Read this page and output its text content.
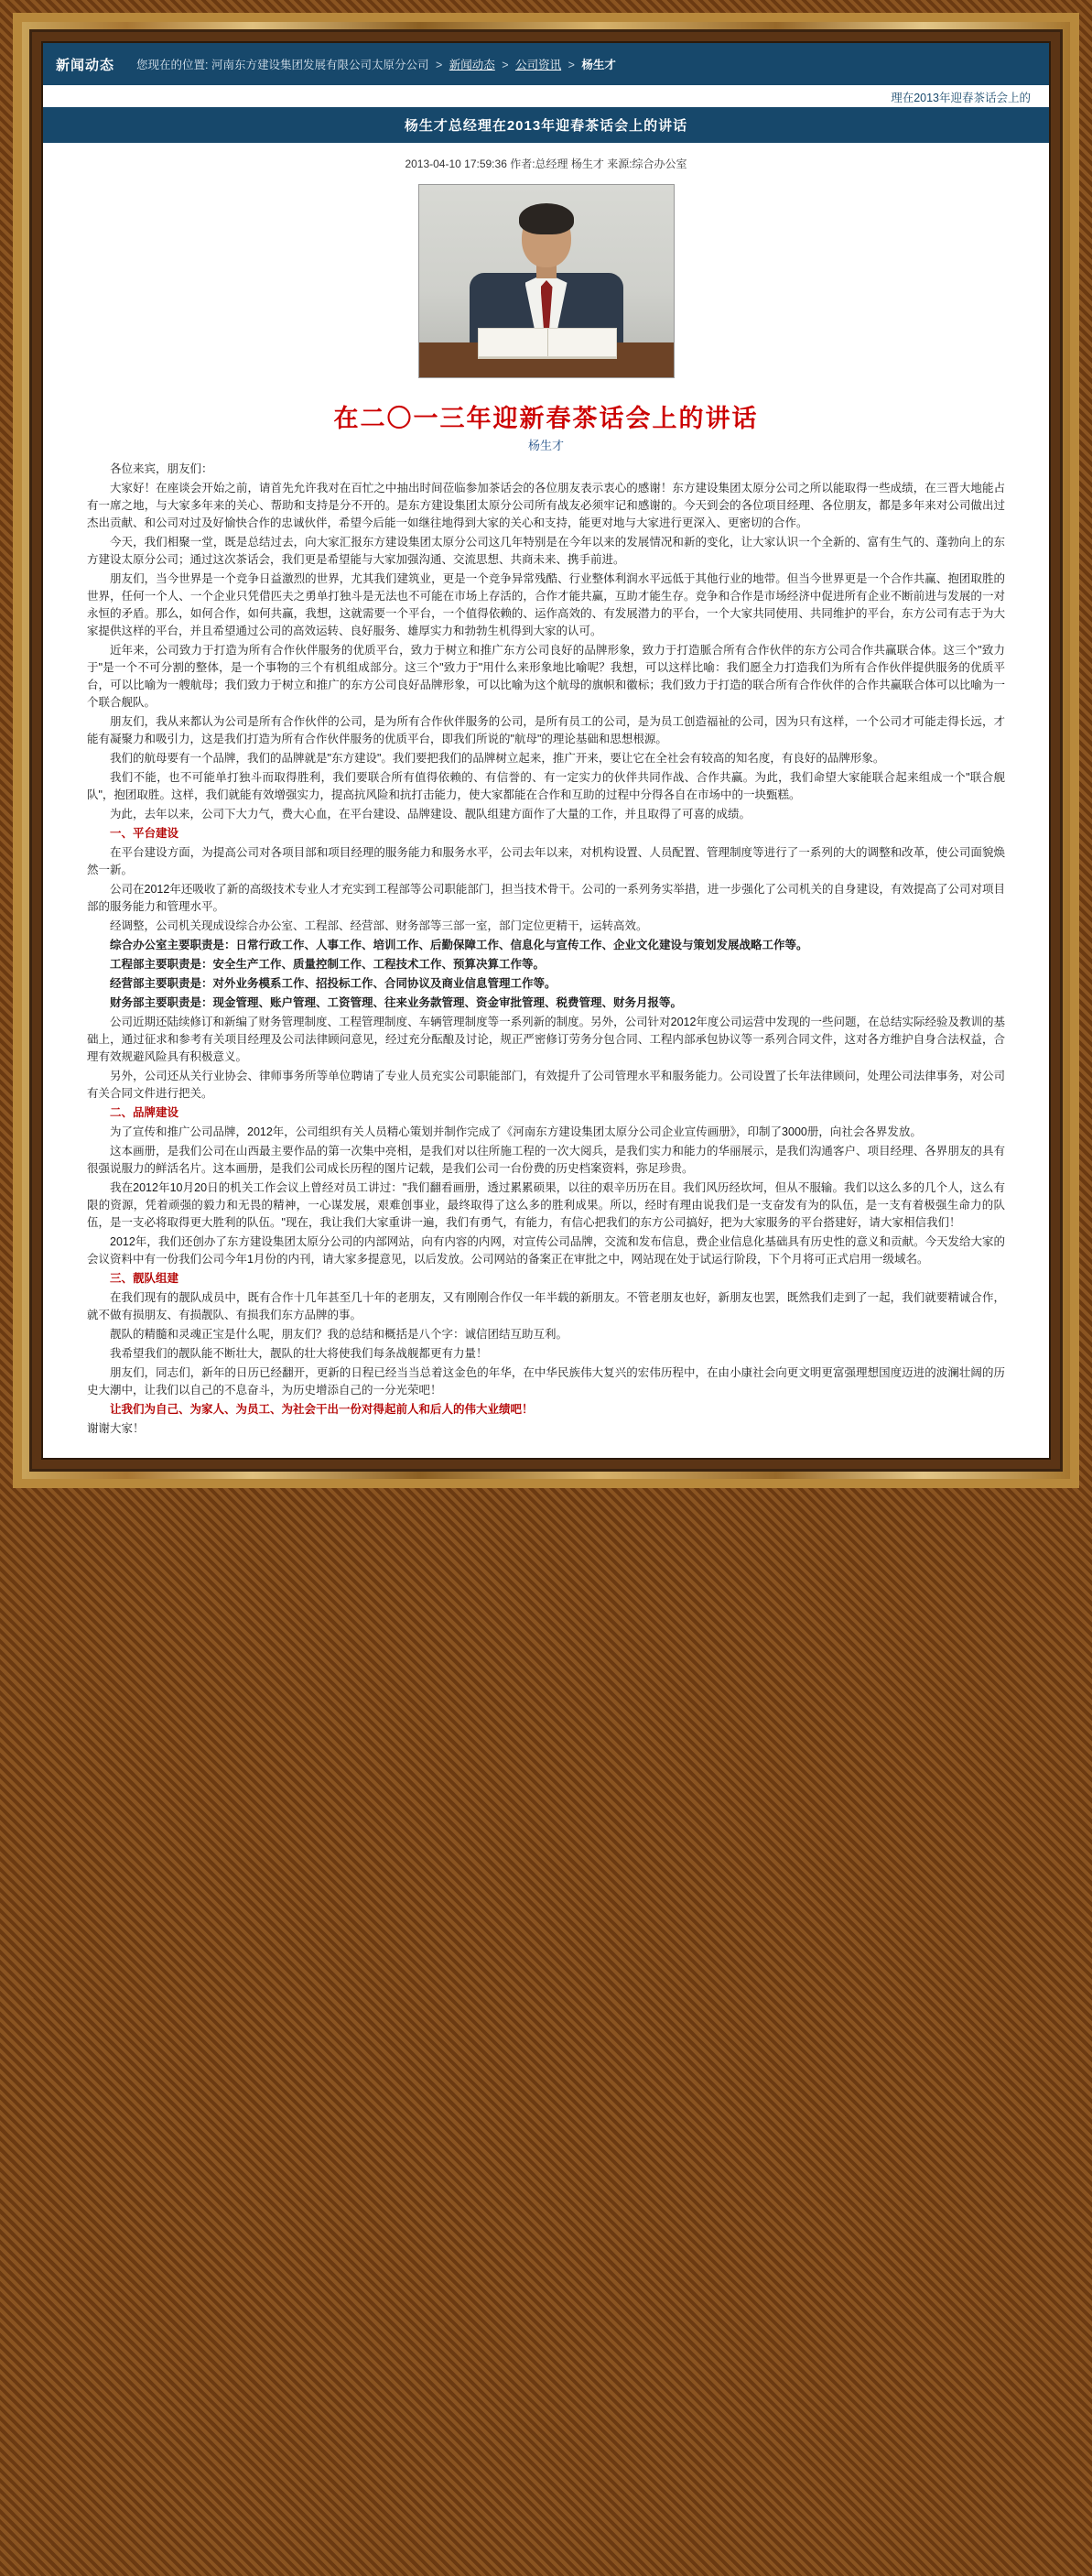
新闻动态 您现在的位置: 河南东方建设集团发展有限公司太原分公司 > 新闻动态 > 公司资讯 > 杨生才
理在2013年迎春茶话会上的
杨生才总经理在2013年迎春茶话会上的讲话
2013-04-10 17:59:36 作者:总经理 杨生才 来源:综合办公室
在二〇一三年迎新春茶话会上的讲话
杨生才

　　各位来宾，朋友们：

大家好！在座谈会开始之前，请首先允许我对在百忙之中抽出时间莅临参加茶话会的各位朋友表示衷心的感谢！东方建设集团太原分公司之所以能取得一些成绩，在三晋大地能占有一席之地，与大家多年来的关心、帮助和支持是分不开的。是东方建设集团太原分公司所有战友必须牢记和感谢的。今天到会的各位项目经理、各位朋友，都是多年来对公司做出过杰出贡献、和公司对过及好愉快合作的忠诚伙伴，希望今后能一如继往地得到大家的关心和支持，能更对地与大家进行更深入、更密切的合作。

今天，我们相聚一堂，既是总结过去，向大家汇报东方建设集团太原分公司这几年特别是在今年以来的发展情况和新的变化，让大家认识一个全新的、富有生气的、蓬勃向上的东方建设太原分公司；通过这次茶话会，我们更是希望能与大家加强沟通、交流思想、共商未来、携手前进。

朋友们，当今世界是一个竞争日益激烈的世界，尤其我们建筑业，更是一个竞争异常残酷、行业整体利润水平远低于其他行业的地带。但当今世界更是一个合作共赢、抱团取胜的世界，任何一个人、一个企业只凭借匹夫之勇单打独斗是无法也不可能在市场上存活的，合作才能共赢，互助才能生存。竞争和合作是市场经济中促进所有企业不断前进与发展的一对永恒的矛盾。那么，如何合作，如何共赢，我想，这就需要一个平台，一个值得依赖的、运作高效的、有发展潜力的平台，一个大家共同使用、共同维护的平台，东方公司有志于为大家提供这样的平台，并且希望通过公司的高效运转、良好服务、雄厚实力和勃勃生机得到大家的认可。

近年来，公司致力于打造为所有合作伙伴服务的优质平台，致力于树立和推广东方公司良好的品牌形象，致力于打造脈合所有合作伙伴的东方公司合作共赢联合体。这三个"致力于"是一个不可分割的整体，是一个事物的三个有机组成部分。这三个"致力于"用什么来形象地比喻呢？我想，可以这样比喻：我们愿全力打造我们为所有合作伙伴提供服务的优质平台，可以比喻为一艘航母；我们致力于树立和推广的东方公司良好品牌形象，可以比喻为这个航母的旗帜和徽标；我们致力于打造的联合所有合作伙伴的合作共赢联合体可以比喻为一个联合舰队。

朋友们，我从来都认为公司是所有合作伙伴的公司，是为所有合作伙伴服务的公司，是所有员工的公司，是为员工创造福祉的公司，因为只有这样，一个公司才可能走得长远，才能有凝聚力和吸引力，这是我们打造为所有合作伙伴服务的优质平台，即我们所说的"航母"的理论基础和思想根源。

我们的航母要有一个品牌，我们的品牌就是"东方建设"。我们要把我们的品牌树立起来，推广开来，要让它在全社会有较高的知名度，有良好的品牌形象。

我们不能，也不可能单打独斗而取得胜利，我们要联合所有值得依赖的、有信誉的、有一定实力的伙伴共同作战、合作共赢。为此，我们命望大家能联合起来组成一个"联合舰队"，抱团取胜。这样，我们就能有效增强实力，提高抗风险和抗打击能力，使大家都能在合作和互助的过程中分得各自在市场中的一块甄糕。

为此，去年以来，公司下大力气，费大心血，在平台建设、品牌建设、靓队组建方面作了大量的工作，并且取得了可喜的成绩。

一、平台建设

在平台建设方面，为提高公司对各项目部和项目经理的服务能力和服务水平，公司去年以来，对机构设置、人员配置、管理制度等进行了一系列的大的调整和改革，使公司面貌焕然一新。

公司在2012年还吸收了新的高级技术专业人才充实到工程部等公司职能部门，担当技术骨干。公司的一系列务实举措，进一步强化了公司机关的自身建设，有效提高了公司对项目部的服务能力和管理水平。

经调整，公司机关现成设综合办公室、工程部、经营部、财务部等三部一室，部门定位更精干，运转高效。

综合办公室主要职责是：日常行政工作、人事工作、培训工作、后勤保障工作、信息化与宣传工作、企业文化建设与策划发展战略工作等。

工程部主要职责是：安全生产工作、质量控制工作、工程技术工作、预算决算工作等。

经营部主要职责是：对外业务模系工作、招投标工作、合同协议及商业信息管理工作等。

财务部主要职责是：现金管理、账户管理、工资管理、往来业务款管理、资金审批管理、税费管理、财务月报等。

公司近期还陆续修订和新编了财务管理制度、工程管理制度、车辆管理制度等一系列新的制度。另外，公司针对2012年度公司运营中发现的一些问题，在总结实际经验及教训的基础上，通过征求和参考有关项目经理及公司法律顾问意见，经过充分酝酿及讨论，规正严密修订劳务分包合同、工程内部承包协议等一系列合同文件，这对各方维护自身合法权益，合理有效规避风险具有积极意义。

另外，公司还从关行业协会、律师事务所等单位聘请了专业人员充实公司职能部门，有效提升了公司管理水平和服务能力。公司设置了长年法律顾问，处理公司法律事务，对公司有关合同文件进行把关。

二、品牌建设

为了宣传和推广公司品牌，2012年，公司组织有关人员精心策划并制作完成了《河南东方建设集团太原分公司企业宣传画册》，印制了3000册，向社会各界发放。

这本画册，是我们公司在山西最主要作品的第一次集中亮相，是我们对以往所施工程的一次大阅兵，是我们实力和能力的华丽展示，是我们沟通客户、项目经理、各界朋友的具有很强说服力的鲜活名片。这本画册，是我们公司成长历程的图片记载，是我们公司一台份费的历史档案资料，弥足珍贵。

我在2012年10月20日的机关工作会议上曾经对员工讲过："我们翻看画册，透过累累硕果，以往的艰辛历历在目。我们风历经坎坷，但从不服输。我们以这么多的几个人，这么有限的资源，凭着顽强的毅力和无畏的精神，一心谋发展，艰难创事业，最终取得了这么多的胜利成果。所以，经时有理由说我们是一支奋发有为的队伍，是一支有着极强生命力的队伍，是一支必将取得更大胜利的队伍。"现在，我让我们大家重讲一遍，我们有勇气，有能力，有信心把我们的东方公司搞好，把为大家服务的平台搭建好，请大家相信我们！

2012年，我们还创办了东方建设集团太原分公司的内部网站，向有内容的内网，对宣传公司品牌，交流和发布信息，费企业信息化基础具有历史性的意义和贡献。今天发给大家的会议资料中有一份我们公司今年1月份的内刊，请大家多提意见，以后发放。公司网站的备案正在审批之中，网站现在处于试运行阶段，下个月将可正式启用一级域名。

三、靓队组建

在我们现有的靓队成员中，既有合作十几年甚至几十年的老朋友，又有刚刚合作仅一年半载的新朋友。不管老朋友也好，新朋友也罢，既然我们走到了一起，我们就要精诚合作，就不做有损朋友、有损靓队、有损我们东方品牌的事。

靓队的精髓和灵魂正宝是什么呢，朋友们？我的总结和概括是八个字：诚信团结互助互利。

我希望我们的靓队能不断壮大，靓队的壮大将使我们每条战舰都更有力量！

朋友们，同志们，新年的日历已经翻开，更新的日程已经当当总着这金色的年华，在中华民族伟大复兴的宏伟历程中，在由小康社会向更文明更富强理想国度迈进的波澜壮阔的历史大潮中，让我们以自己的不息奋斗，为历史增添自己的一分光荣吧！

让我们为自己、为家人、为员工、为社会干出一份对得起前人和后人的伟大业绩吧！

谢谢大家！
